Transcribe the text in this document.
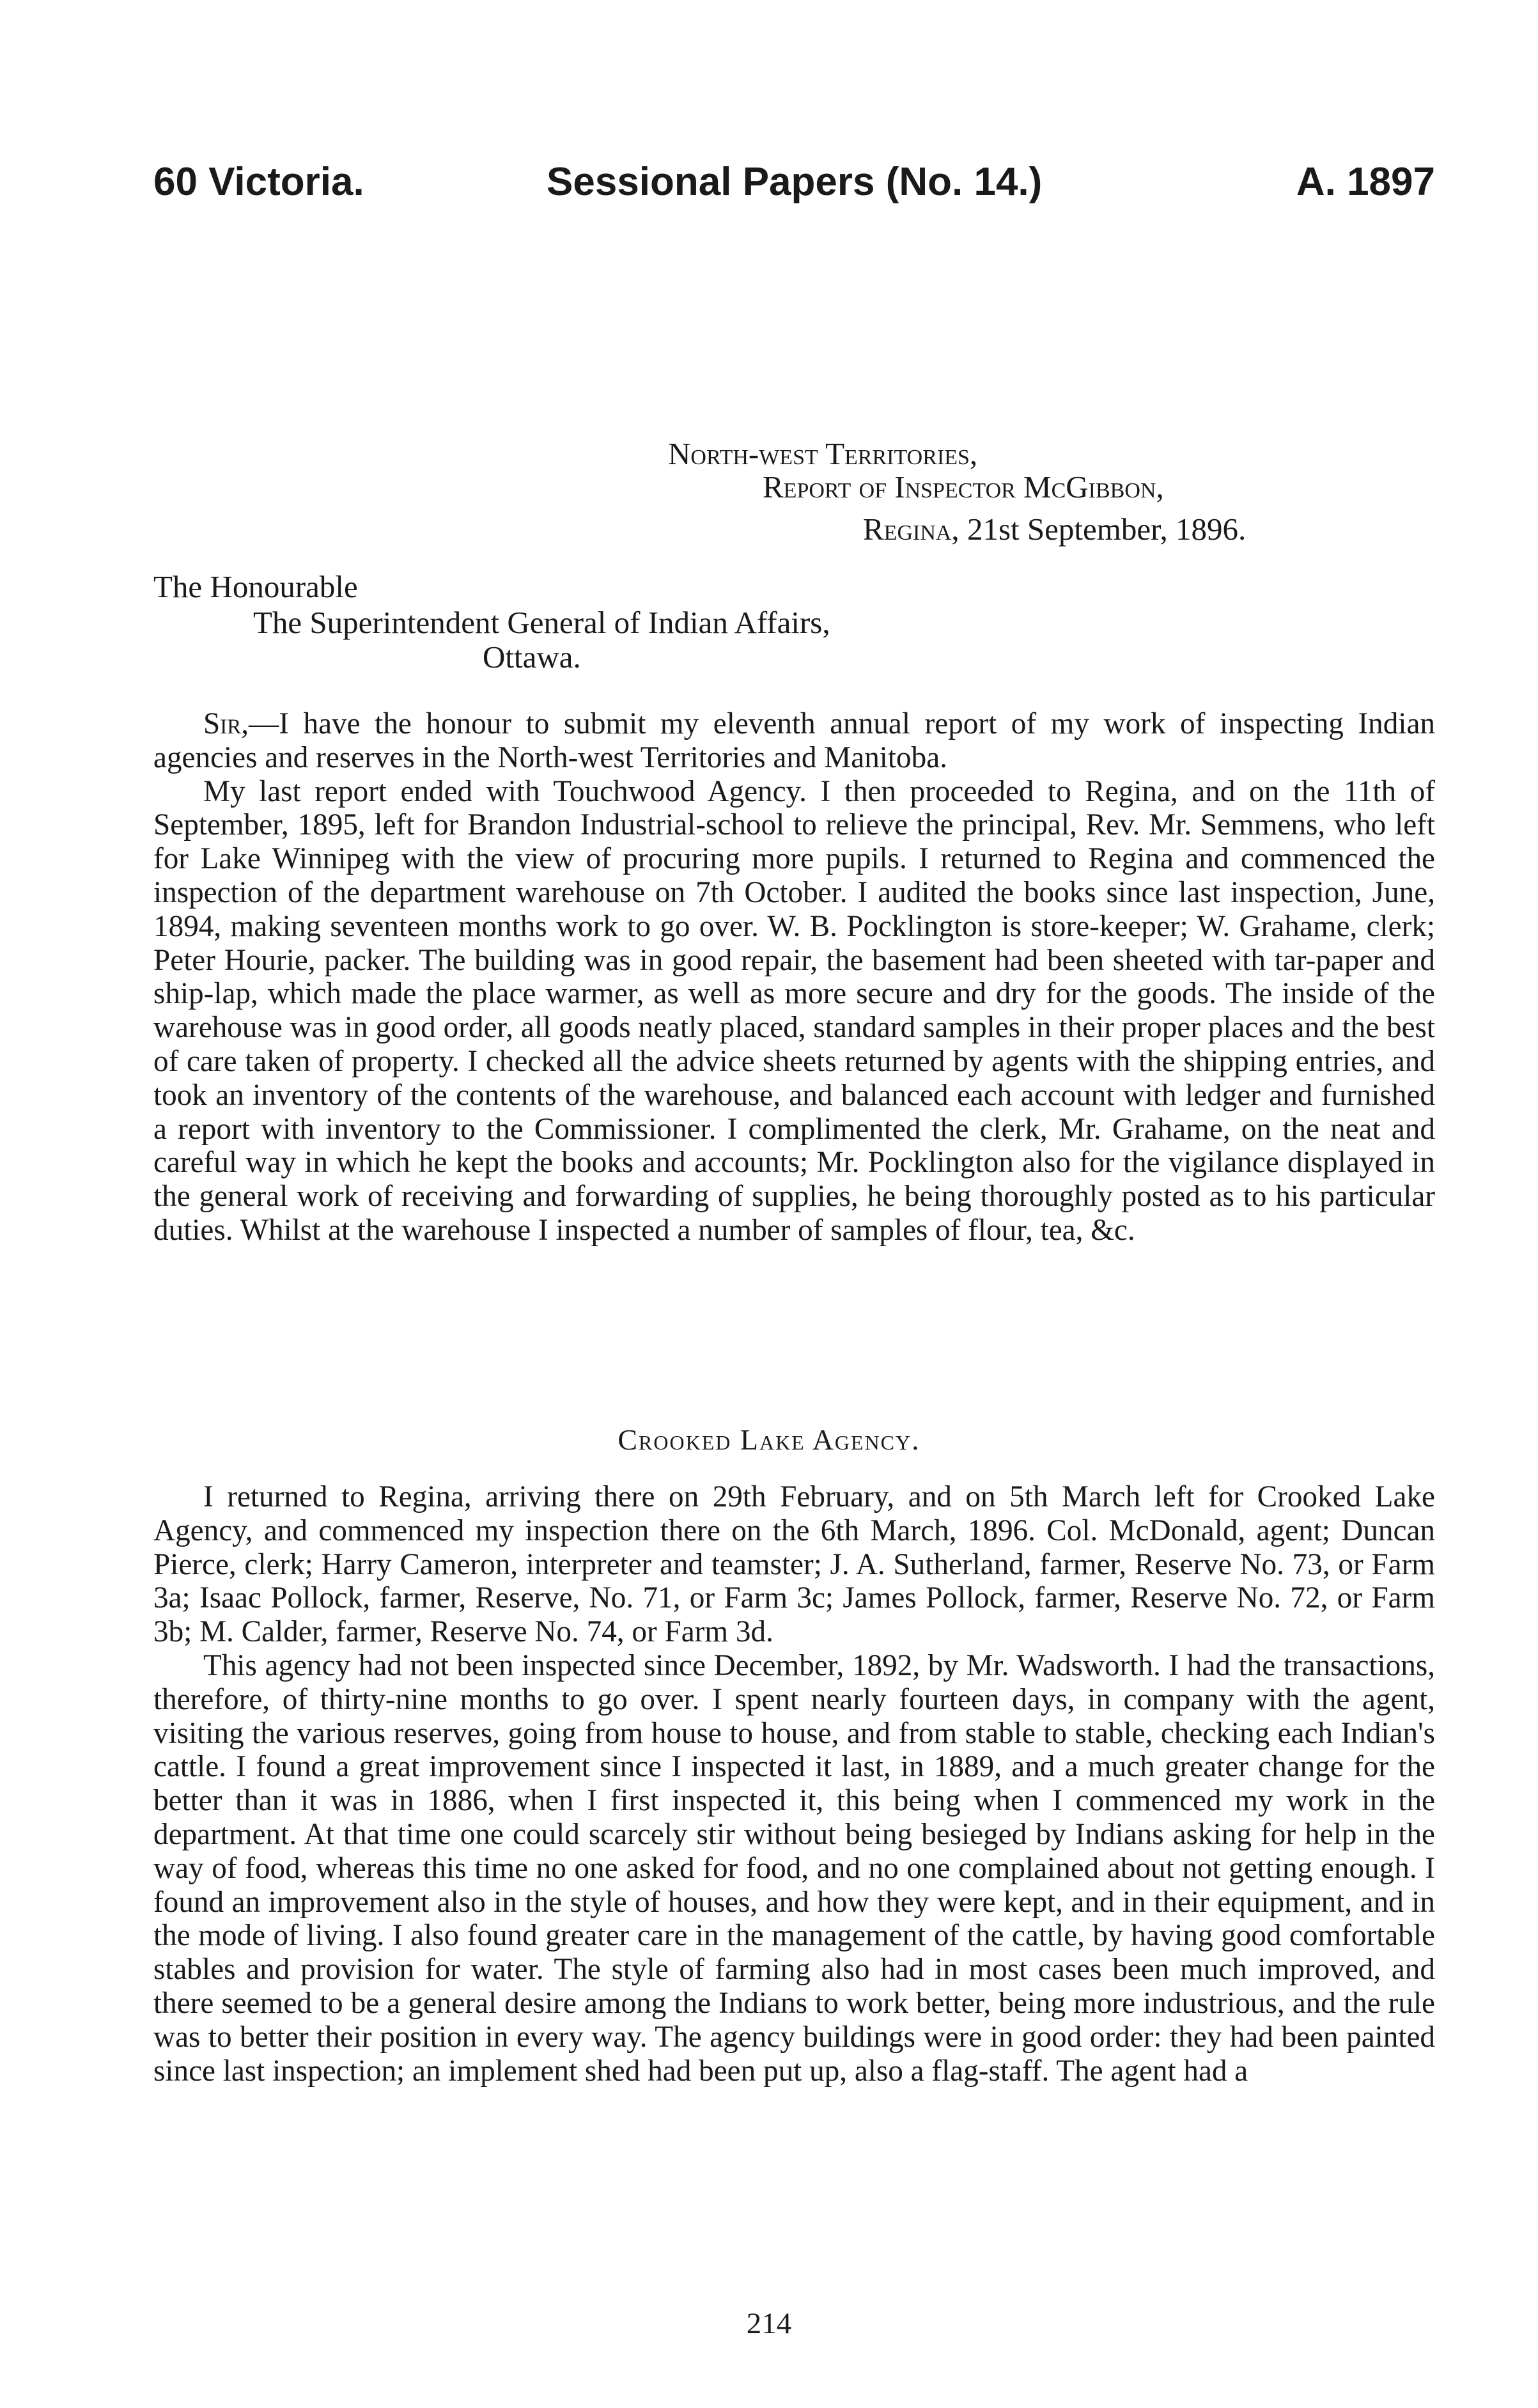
60 Victoria.	Sessional Papers (No. 14.)	A. 1897
North-west Territories,
Report of Inspector McGibbon,
Regina, 21st September, 1896.
The Honourable
The Superintendent General of Indian Affairs,
Ottawa.

Sir,—I have the honour to submit my eleventh annual report of my work of inspecting Indian agencies and reserves in the North-west Territories and Manitoba.

My last report ended with Touchwood Agency. I then proceeded to Regina, and on the 11th of September, 1895, left for Brandon Industrial-school to relieve the principal, Rev. Mr. Semmens, who left for Lake Winnipeg with the view of procuring more pupils. I returned to Regina and commenced the inspection of the department warehouse on 7th October. I audited the books since last inspection, June, 1894, making seventeen months work to go over. W. B. Pocklington is store-keeper; W. Grahame, clerk; Peter Hourie, packer. The building was in good repair, the basement had been sheeted with tar-paper and ship-lap, which made the place warmer, as well as more secure and dry for the goods. The inside of the warehouse was in good order, all goods neatly placed, standard samples in their proper places and the best of care taken of property. I checked all the advice sheets returned by agents with the shipping entries, and took an inventory of the contents of the warehouse, and balanced each account with ledger and furnished a report with inventory to the Commissioner. I complimented the clerk, Mr. Grahame, on the neat and careful way in which he kept the books and accounts; Mr. Pocklington also for the vigilance displayed in the general work of receiving and forwarding of supplies, he being thoroughly posted as to his particular duties. Whilst at the warehouse I inspected a number of samples of flour, tea, &c.

Crooked Lake Agency.

I returned to Regina, arriving there on 29th February, and on 5th March left for Crooked Lake Agency, and commenced my inspection there on the 6th March, 1896. Col. McDonald, agent; Duncan Pierce, clerk; Harry Cameron, interpreter and teamster; J. A. Sutherland, farmer, Reserve No. 73, or Farm 3a; Isaac Pollock, farmer, Reserve, No. 71, or Farm 3c; James Pollock, farmer, Reserve No. 72, or Farm 3b; M. Calder, farmer, Reserve No. 74, or Farm 3d.

This agency had not been inspected since December, 1892, by Mr. Wadsworth. I had the transactions, therefore, of thirty-nine months to go over. I spent nearly fourteen days, in company with the agent, visiting the various reserves, going from house to house, and from stable to stable, checking each Indian's cattle. I found a great improvement since I inspected it last, in 1889, and a much greater change for the better than it was in 1886, when I first inspected it, this being when I commenced my work in the department. At that time one could scarcely stir without being besieged by Indians asking for help in the way of food, whereas this time no one asked for food, and no one complained about not getting enough. I found an improvement also in the style of houses, and how they were kept, and in their equipment, and in the mode of living. I also found greater care in the management of the cattle, by having good comfortable stables and provision for water. The style of farming also had in most cases been much improved, and there seemed to be a general desire among the Indians to work better, being more industrious, and the rule was to better their position in every way. The agency buildings were in good order: they had been painted since last inspection; an implement shed had been put up, also a flag-staff. The agent had a

214
